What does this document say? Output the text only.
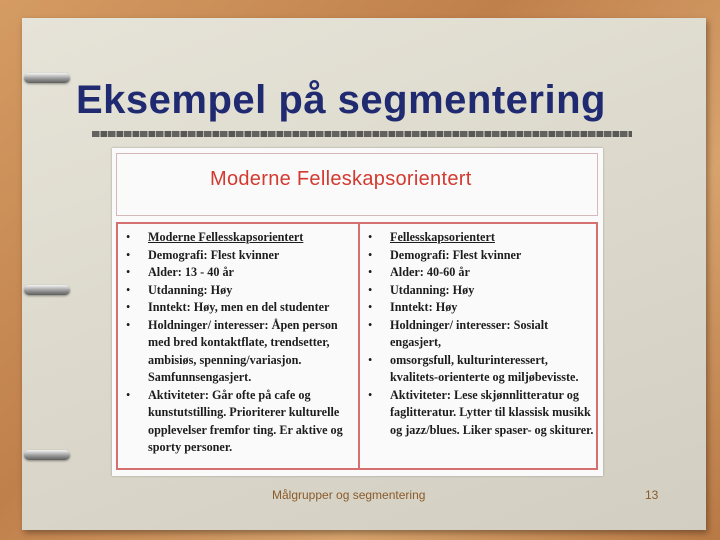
Eksempel på segmentering
Moderne Felleskapsorientert
• Moderne Fellesskapsorientert
• Demografi: Flest kvinner
• Alder: 13 - 40 år
• Utdanning: Høy
• Inntekt: Høy, men en del studenter
• Holdninger/ interesser: Åpen person med bred kontaktflate, trendsetter, ambisiøs, spenning/variasjon. Samfunnsengasjert.
• Aktiviteter: Går ofte på cafe og kunstutstilling. Prioriterer kulturelle opplevelser fremfor ting. Er aktive og sporty personer.
• Fellesskapsorientert
• Demografi: Flest kvinner
• Alder: 40-60 år
• Utdanning: Høy
• Inntekt: Høy
• Holdninger/ interesser: Sosialt engasjert,
• omsorgsfull, kulturinteressert, kvalitets-orienterte og miljøbevisste.
• Aktiviteter: Lese skjønnlitteratur og faglitteratur. Lytter til klassisk musikk og jazz/blues. Liker spaser- og skiturer.
Målgrupper og segmentering	13
